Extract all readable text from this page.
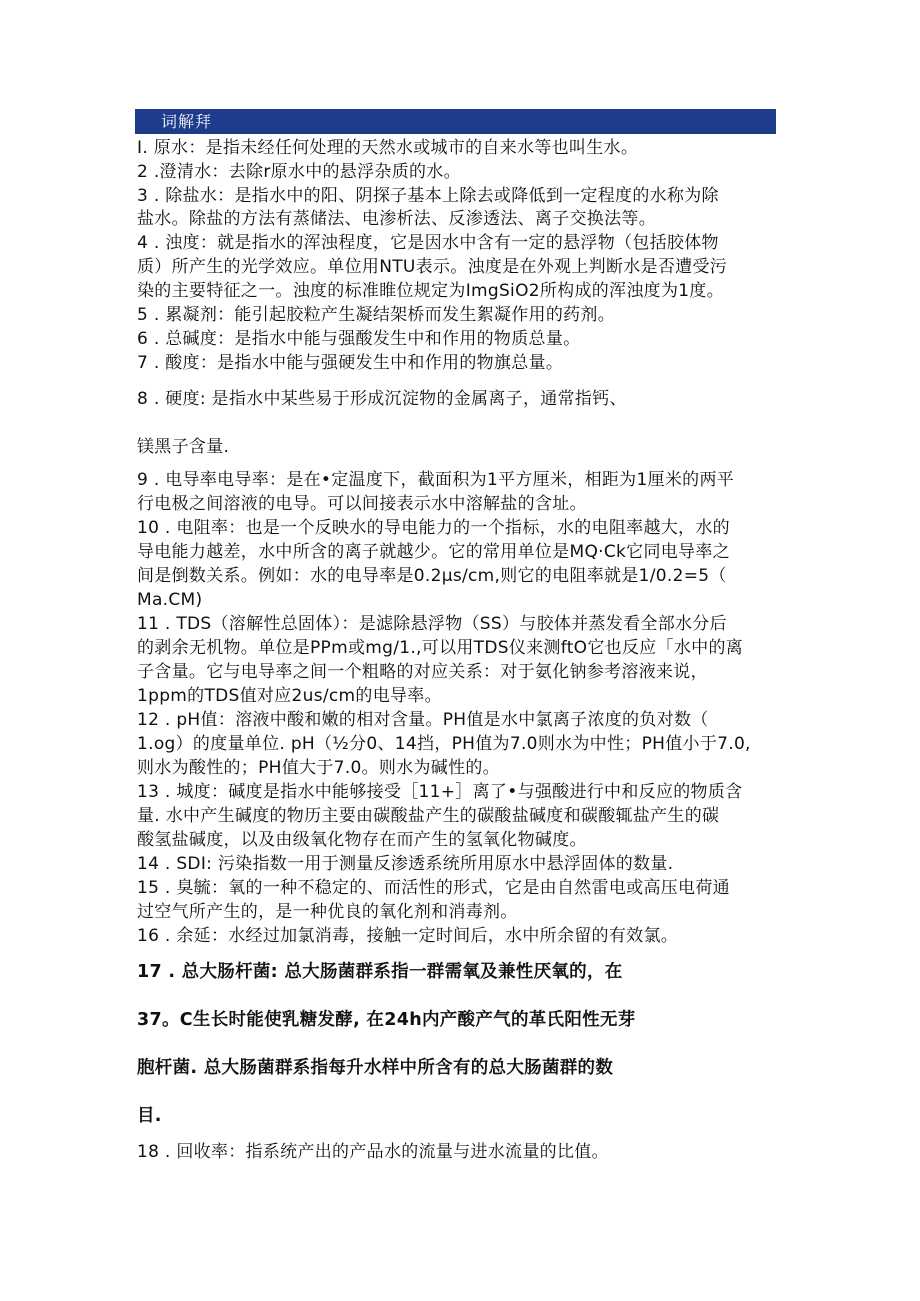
词解拜
I. 原水：是指未经任何处理的天然水或城市的自来水等也叫生水。
2 .澄清水：去除r原水中的悬浮杂质的水。
3 . 除盐水：是指水中的阳、阴探子基本上除去或降低到一定程度的水称为除
盐水。除盐的方法有蒸储法、电渗析法、反渗透法、离子交换法等。
4 . 浊度：就是指水的浑浊程度，它是因水中含有一定的悬浮物（包括胶体物
质）所产生的光学效应。单位用NTU表示。浊度是在外观上判断水是否遭受污
染的主要特征之一。浊度的标准睢位规定为ImgSiO2所构成的浑浊度为1度。
5 . 累凝剂：能引起胶粒产生凝结架桥而发生絮凝作用的药剂。
6 . 总碱度：是指水中能与强酸发生中和作用的物质总量。
7 . 酸度：是指水中能与强硬发生中和作用的物旗总量。
8 . 硬度: 是指水中某些易于形成沉淀物的金属离子，通常指钙、
镁黑子含量.
9 . 电导率电导率：是在•定温度下，截面积为1平方厘米，相距为1厘米的两平
行电极之间溶液的电导。可以间接表示水中溶解盐的含址。
10 . 电阻率：也是一个反映水的导电能力的一个指标，水的电阻率越大，水的
导电能力越差，水中所含的离子就越少。它的常用单位是MQ·Ck它同电导率之
间是倒数关系。例如：水的电导率是0.2μs∕cm,则它的电阻率就是1/0.2=5（
Ma.CM)
11 . TDS（溶解性总固体）：是滤除悬浮物（SS）与胶体并蒸发看全部水分后
的剥余无机物。单位是PPm或mg∕1.,可以用TDS仪来测ftO它也反应「水中的离
子含量。它与电导率之间一个粗略的对应关系：对于氨化钠参考溶液来说，
1ppm的TDS值对应2us∕cm的电导率。
12 . pH值：溶液中酸和嫩的相对含量。PH值是水中氯离子浓度的负对数（
1.og）的度量单位. pH（½分0、14挡，PH值为7.0则水为中性；PH值小于7.0,
则水为酸性的；PH值大于7.0。则水为碱性的。
13 . 城度：碱度是指水中能够接受［11+］离了•与强酸进行中和反应的物质含
量. 水中产生碱度的物历主要由碳酸盐产生的碳酸盐碱度和碳酸辄盐产生的碳
酸氢盐碱度，以及由级氧化物存在而产生的氢氧化物碱度。
14 . SDI: 污染指数一用于测量反渗透系统所用原水中悬浮固体的数量.
15 . 臭毓：氧的一种不稳定的、而活性的形式，它是由自然雷电或高压电荷通
过空气所产生的，是一种优良的氧化剂和消毒剂。
16 . 余延：水经过加氯消毒，接触一定时间后，水中所余留的有效氯。
17 . 总大肠杆菌: 总大肠菌群系指一群需氧及兼性厌氧的，在
37。C生长时能使乳糖发酵, 在24h内产酸产气的革氏阳性无芽
胞杆菌. 总大肠菌群系指每升水样中所含有的总大肠菌群的数
目.
18 . 回收率：指系统产出的产品水的流量与进水流量的比值。
